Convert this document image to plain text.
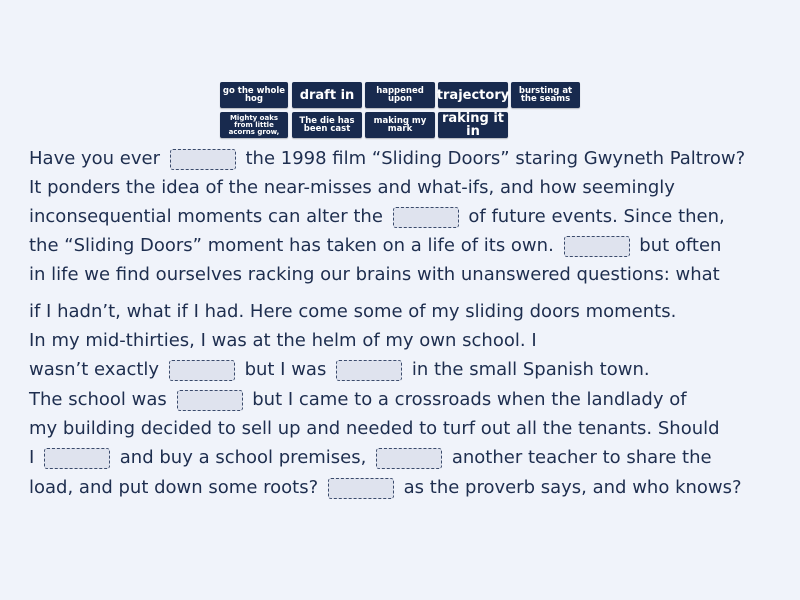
go the whole hog	draft in	happened upon	trajectory	bursting at the seams
Mighty oaks from little acorns grow,
The die has been cast
making my mark
raking it in
Have you ever	the 1998 film “Sliding Doors” staring Gwyneth Paltrow?
It ponders the idea of the near-misses and what-ifs, and how seemingly
inconsequential moments can alter the	of future events. Since then,
the “Sliding Doors” moment has taken on a life of its own.	but often
in life we find ourselves racking our brains with unanswered questions: what
if I hadn’t, what if I had. Here come some of my sliding doors moments.
In my mid-thirties, I was at the helm of my own school. I
wasn’t exactly	but I was	in the small Spanish town.
The school was	but I came to a crossroads when the landlady of
my building decided to sell up and needed to turf out all the tenants. Should
I	and buy a school premises,	another teacher to share the
load, and put down some roots?	as the proverb says, and who knows?
